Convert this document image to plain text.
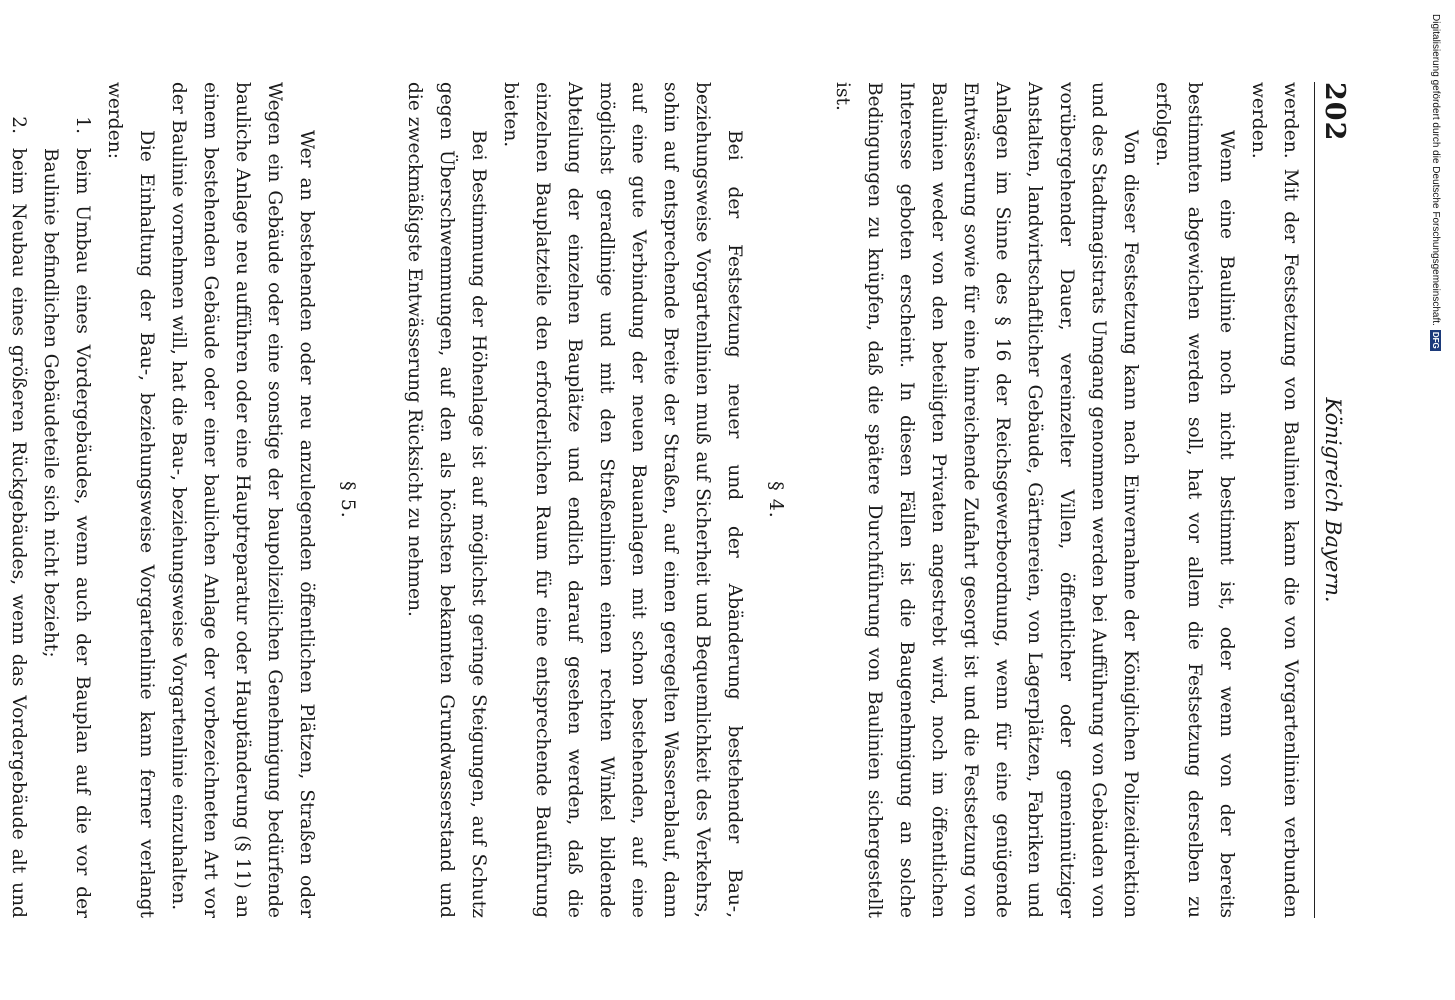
202
Königreich Bayern.

werden. Mit der Festsetzung von Baulinien kann die von Vorgartenlinien verbunden werden.

Wenn eine Baulinie noch nicht bestimmt ist, oder wenn von der bereits bestimmten abgewichen werden soll, hat vor allem die Festsetzung derselben zu erfolgen.

Von dieser Festsetzung kann nach Einvernahme der Königlichen Polizeidirektion und des Stadtmagistrats Umgang genommen werden bei Aufführung von Gebäuden von vorübergehender Dauer, vereinzelter Villen, öffentlicher oder gemeinnütziger Anstalten, landwirtschaftlicher Gebäude, Gärtnereien, von Lagerplätzen, Fabriken und Anlagen im Sinne des § 16 der Reichsgewerbeordnung, wenn für eine genügende Entwässerung sowie für eine hinreichende Zufahrt gesorgt ist und die Festsetzung von Baulinien weder von den beteiligten Privaten angestrebt wird, noch im öffentlichen Interesse geboten erscheint. In diesen Fällen ist die Baugenehmigung an solche Bedingungen zu knüpfen, daß die spätere Durchführung von Baulinien sichergestellt ist.

§ 4.

Bei der Festsetzung neuer und der Abänderung bestehender Bau-, beziehungsweise Vorgartenlinien muß auf Sicherheit und Bequemlichkeit des Verkehrs, sohin auf entsprechende Breite der Straßen, auf einen geregelten Wasserablauf, dann auf eine gute Verbindung der neuen Bauanlagen mit schon bestehenden, auf eine möglichst geradlinige und mit den Straßenlinien einen rechten Winkel bildende Abteilung der einzelnen Bauplätze und endlich darauf gesehen werden, daß die einzelnen Bauplatzteile den erforderlichen Raum für eine entsprechende Bauführung bieten.

Bei Bestimmung der Höhenlage ist auf möglichst geringe Steigungen, auf Schutz gegen Überschwemmungen, auf den als höchsten bekannten Grundwasserstand und die zweckmäßigste Entwässerung Rücksicht zu nehmen.

§ 5.

Wer an bestehenden oder neu anzulegenden öffentlichen Plätzen, Straßen oder Wegen ein Gebäude oder eine sonstige der baupolizeilichen Genehmigung bedürfende bauliche Anlage neu aufführen oder eine Hauptreparatur oder Hauptänderung (§ 11) an einem bestehenden Gebäude oder einer baulichen Anlage der vorbezeichneten Art vor der Baulinie vornehmen will, hat die Bau-, beziehungsweise Vorgartenlinie einzuhalten.

Die Einhaltung der Bau-, beziehungsweise Vorgartenlinie kann ferner verlangt werden:

1.
beim Umbau eines Vordergebäudes, wenn auch der Bauplan auf die vor der Baulinie befindlichen Gebäudeteile sich nicht bezieht;
2.
beim Neubau eines größeren Rückgebäudes, wenn das Vordergebäude alt und

Digitalisierung gefördert durch die Deutsche Forschungsgemeinschaft.
DFG
